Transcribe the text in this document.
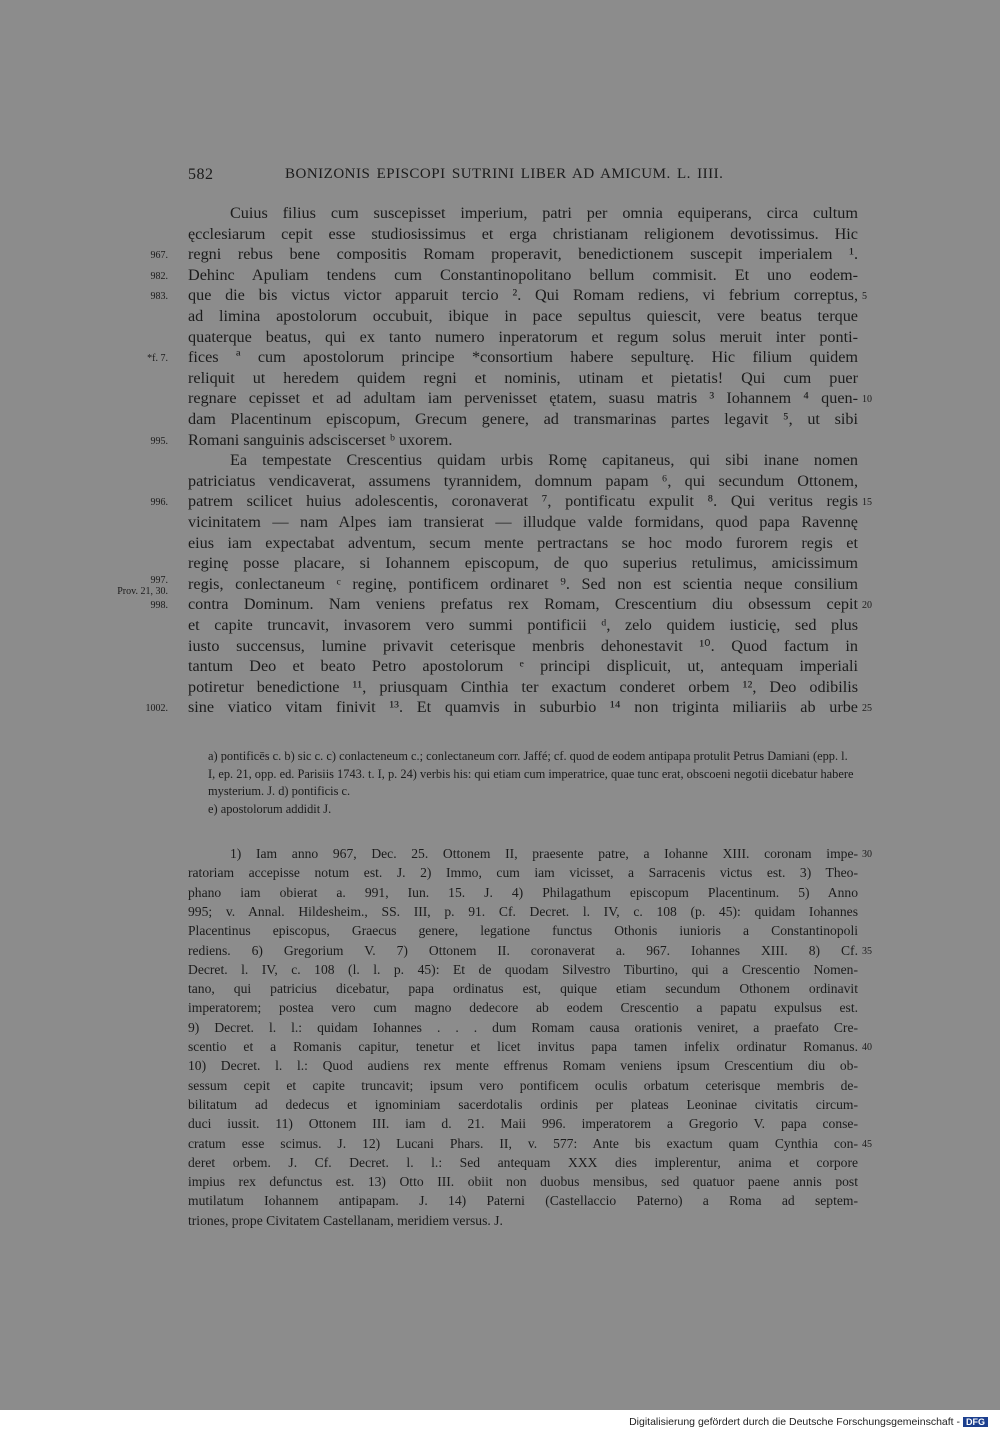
582	BONIZONIS EPISCOPI SUTRINI LIBER AD AMICUM. L. IIII.
Cuius filius cum suscepisset imperium, patri per omnia equiperans, circa cultum
ęcclesiarum cepit esse studiosissimus et erga christianam religionem devotissimus. Hic
regni rebus bene compositis Romam properavit, benedictionem suscepit imperialem ¹.
Dehinc Apuliam tendens cum Constantinopolitano bellum commisit. Et uno eodem-
que die bis victus victor apparuit tercio ². Qui Romam rediens, vi febrium correptus,
ad limina apostolorum occubuit, ibique in pace sepultus quiescit, vere beatus terque
quaterque beatus, qui ex tanto numero inperatorum et regum solus meruit inter ponti-
fices ª cum apostolorum principe *consortium habere sepulturę. Hic filium quidem
reliquit ut heredem quidem regni et nominis, utinam et pietatis! Qui cum puer
regnare cepisset et ad adultam iam pervenisset ętatem, suasu matris ³ Iohannem ⁴ quen-
dam Placentinum episcopum, Grecum genere, ad transmarinas partes legavit ⁵, ut sibi
Romani sanguinis adsciscerset ᵇ uxorem.
Ea tempestate Crescentius quidam urbis Romę capitaneus, qui sibi inane nomen
patriciatus vendicaverat, assumens tyrannidem, domnum papam ⁶, qui secundum Ottonem,
patrem scilicet huius adolescentis, coronaverat ⁷, pontificatu expulit ⁸. Qui veritus regis
vicinitatem — nam Alpes iam transierat — illudque valde formidans, quod papa Ravennę
eius iam expectabat adventum, secum mente pertractans se hoc modo furorem regis et
reginę posse placare, si Iohannem episcopum, de quo superius retulimus, amicissimum
regis, conlectaneum ᶜ reginę, pontificem ordinaret ⁹. Sed non est scientia neque consilium
contra Dominum. Nam veniens prefatus rex Romam, Crescentium diu obsessum cepit
et capite truncavit, invasorem vero summi pontificii ᵈ, zelo quidem iusticię, sed plus
iusto succensus, lumine privavit ceterisque menbris dehonestavit ¹⁰. Quod factum in
tantum Deo et beato Petro apostolorum ᵉ principi displicuit, ut, antequam imperiali
potiretur benedictione ¹¹, priusquam Cinthia ter exactum conderet orbem ¹², Deo odibilis
sine viatico vitam finivit ¹³. Et quamvis in suburbio ¹⁴ non triginta miliariis ab urbe
a) pontificēs c. b) sic c. c) conlacteneum c.; conlectaneum corr. Jaffé; cf. quod de eodem antipapa protulit Petrus Damiani (epp. l. I, ep. 21, opp. ed. Parisiis 1743. t. I, p. 24) verbis his: qui etiam cum imperatrice, quae tunc erat, obscoeni negotii dicebatur habere mysterium. J. d) pontificis c.
e) apostolorum addidit J.
1) Iam anno 967, Dec. 25. Ottonem II, praesente patre, a Iohanne XIII. coronam impe-
ratoriam accepisse notum est. J. 2) Immo, cum iam vicisset, a Sarracenis victus est. 3) Theo-
phano iam obierat a. 991, Iun. 15. J. 4) Philagathum episcopum Placentinum. 5) Anno
995; v. Annal. Hildesheim., SS. III, p. 91. Cf. Decret. l. IV, c. 108 (p. 45): quidam Iohannes
Placentinus episcopus, Graecus genere, legatione functus Othonis iunioris a Constantinopoli
rediens. 6) Gregorium V. 7) Ottonem II. coronaverat a. 967. Iohannes XIII. 8) Cf.
Decret. l. IV, c. 108 (l. l. p. 45): Et de quodam Silvestro Tiburtino, qui a Crescentio Nomen-
tano, qui patricius dicebatur, papa ordinatus est, quique etiam secundum Othonem ordinavit
imperatorem; postea vero cum magno dedecore ab eodem Crescentio a papatu expulsus est.
9) Decret. l. l.: quidam Iohannes . . . dum Romam causa orationis veniret, a praefato Cre-
scentio et a Romanis capitur, tenetur et licet invitus papa tamen infelix ordinatur Romanus.
10) Decret. l. l.: Quod audiens rex mente effrenus Romam veniens ipsum Crescentium diu ob-
sessum cepit et capite truncavit; ipsum vero pontificem oculis orbatum ceterisque membris de-
bilitatum ad dedecus et ignominiam sacerdotalis ordinis per plateas Leoninae civitatis circum-
duci iussit. 11) Ottonem III. iam d. 21. Maii 996. imperatorem a Gregorio V. papa conse-
cratum esse scimus. J. 12) Lucani Phars. II, v. 577: Ante bis exactum quam Cynthia con-
deret orbem. J. Cf. Decret. l. l.: Sed antequam XXX dies implerentur, anima et corpore
impius rex defunctus est. 13) Otto III. obiit non duobus mensibus, sed quatuor paene annis post
mutilatum Iohannem antipapam. J. 14) Paterni (Castellaccio Paterno) a Roma ad septem-
triones, prope Civitatem Castellanam, meridiem versus. J.
967.
982.
983.	5
*f. 7.
10
995.
996.	15
997.
Prov. 21, 30.
998.	20
1002.	25
30
35
40
45
Digitalisierung gefördert durch die Deutsche Forschungsgemeinschaft - DFG
